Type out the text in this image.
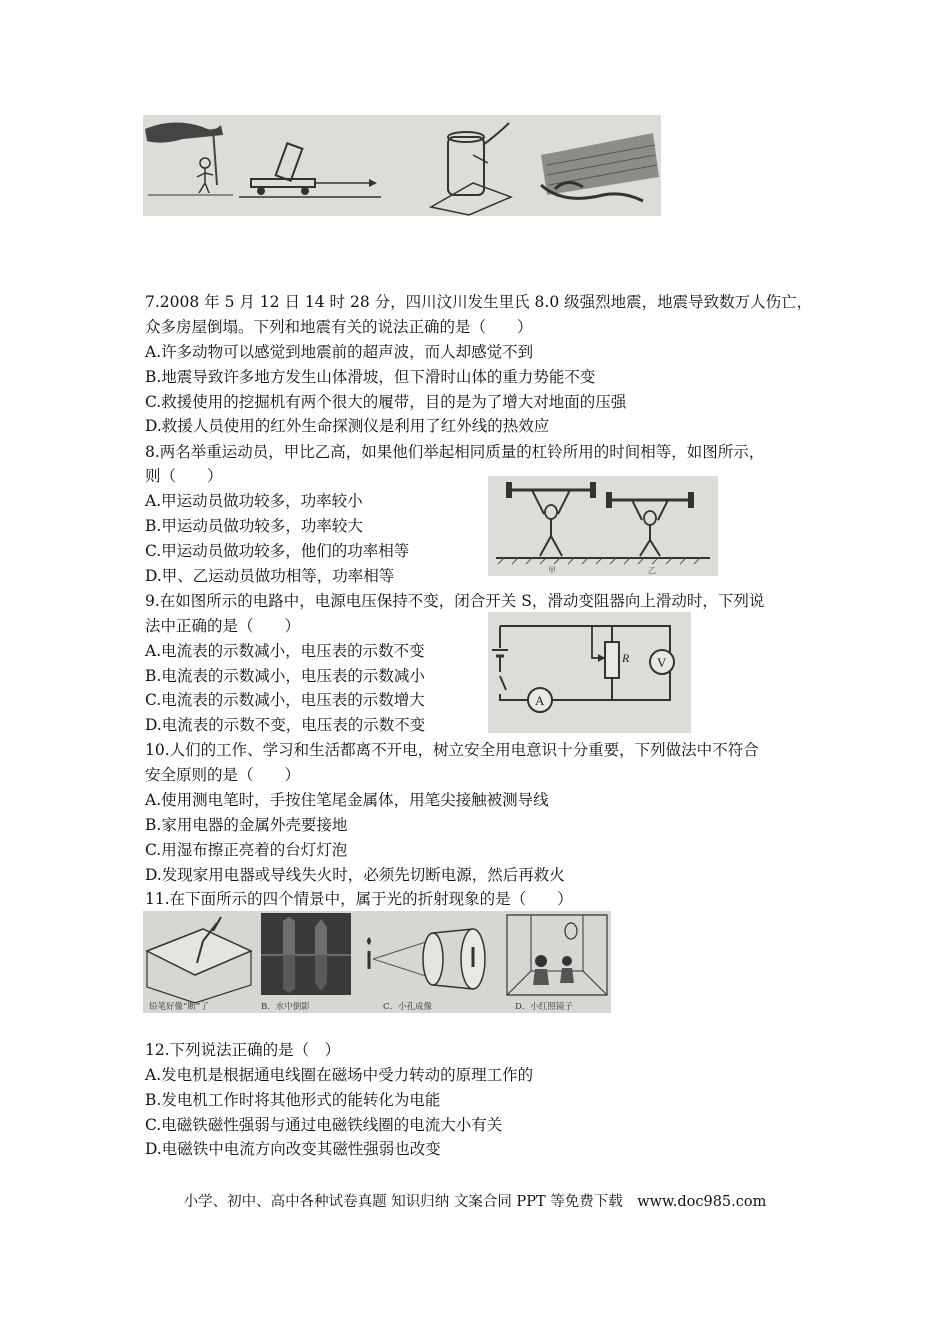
7.2008 年 5 月 12 日 14 时 28 分，四川汶川发生里氏 8.0 级强烈地震，地震导致数万人伤亡，
众多房屋倒塌。下列和地震有关的说法正确的是（　　）
A.许多动物可以感觉到地震前的超声波，而人却感觉不到
B.地震导致许多地方发生山体滑坡，但下滑时山体的重力势能不变
C.救援使用的挖掘机有两个很大的履带，目的是为了增大对地面的压强
D.救援人员使用的红外生命探测仪是利用了红外线的热效应
8.两名举重运动员，甲比乙高，如果他们举起相同质量的杠铃所用的时间相等，如图所示，
则（　　）
A.甲运动员做功较多，功率较小
B.甲运动员做功较多，功率较大
C.甲运动员做功较多，他们的功率相等
D.甲、乙运动员做功相等，功率相等	甲	乙
9.在如图所示的电路中，电源电压保持不变，闭合开关 S，滑动变阻器向上滑动时，下列说
法中正确的是（　　）
A.电流表的示数减小，电压表的示数不变
B.电流表的示数减小，电压表的示数减小
C.电流表的示数减小，电压表的示数增大
D.电流表的示数不变，电压表的示数不变
A
R V
10.人们的工作、学习和生活都离不开电，树立安全用电意识十分重要，下列做法中不符合
安全原则的是（　　）
A.使用测电笔时，手按住笔尾金属体，用笔尖接触被测导线
B.家用电器的金属外壳要接地
C.用湿布擦正亮着的台灯灯泡
D.发现家用电器或导线失火时，必须先切断电源，然后再救火
11.在下面所示的四个情景中，属于光的折射现象的是（　　）
铅笔好像“断”了	B．水中倒影	C．小孔成像	D．小红照镜子
12.下列说法正确的是（　）
A.发电机是根据通电线圈在磁场中受力转动的原理工作的
B.发电机工作时将其他形式的能转化为电能
C.电磁铁磁性强弱与通过电磁铁线圈的电流大小有关
D.电磁铁中电流方向改变其磁性强弱也改变
小学、初中、高中各种试卷真题 知识归纳 文案合同 PPT 等免费下载　www.doc985.com
